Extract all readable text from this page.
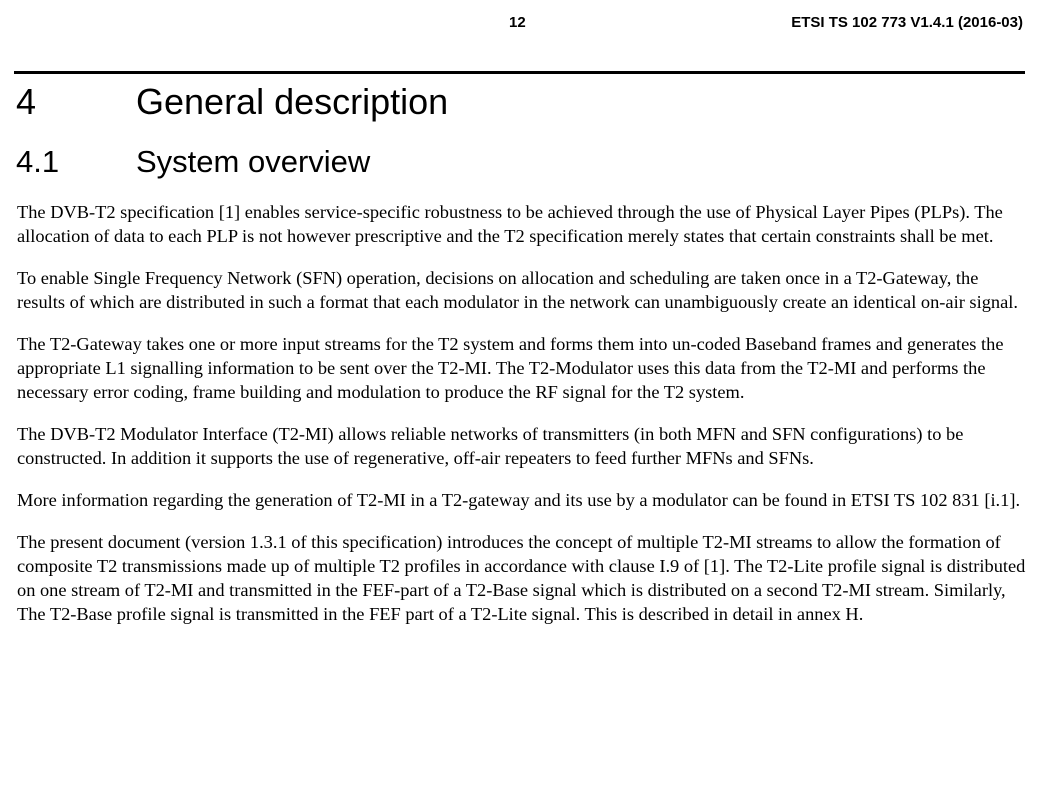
12	ETSI TS 102 773 V1.4.1 (2016-03)
4	General description
4.1 System overview

The DVB-T2 specification [1] enables service-specific robustness to be achieved through the use of Physical Layer Pipes (PLPs). The allocation of data to each PLP is not however prescriptive and the T2 specification merely states that certain constraints shall be met.

To enable Single Frequency Network (SFN) operation, decisions on allocation and scheduling are taken once in a T2-Gateway, the results of which are distributed in such a format that each modulator in the network can unambiguously create an identical on-air signal.

The T2-Gateway takes one or more input streams for the T2 system and forms them into un-coded Baseband frames and generates the appropriate L1 signalling information to be sent over the T2-MI. The T2-Modulator uses this data from the T2-MI and performs the necessary error coding, frame building and modulation to produce the RF signal for the T2 system.

The DVB-T2 Modulator Interface (T2-MI) allows reliable networks of transmitters (in both MFN and SFN configurations) to be constructed. In addition it supports the use of regenerative, off-air repeaters to feed further MFNs and SFNs.

More information regarding the generation of T2-MI in a T2-gateway and its use by a modulator can be found in ETSI TS 102 831 [i.1].

The present document (version 1.3.1 of this specification) introduces the concept of multiple T2-MI streams to allow the formation of composite T2 transmissions made up of multiple T2 profiles in accordance with clause I.9 of [1]. The T2-Lite profile signal is distributed on one stream of T2-MI and transmitted in the FEF-part of a T2-Base signal which is distributed on a second T2-MI stream. Similarly, The T2-Base profile signal is transmitted in the FEF part of a T2-Lite signal. This is described in detail in annex H.
